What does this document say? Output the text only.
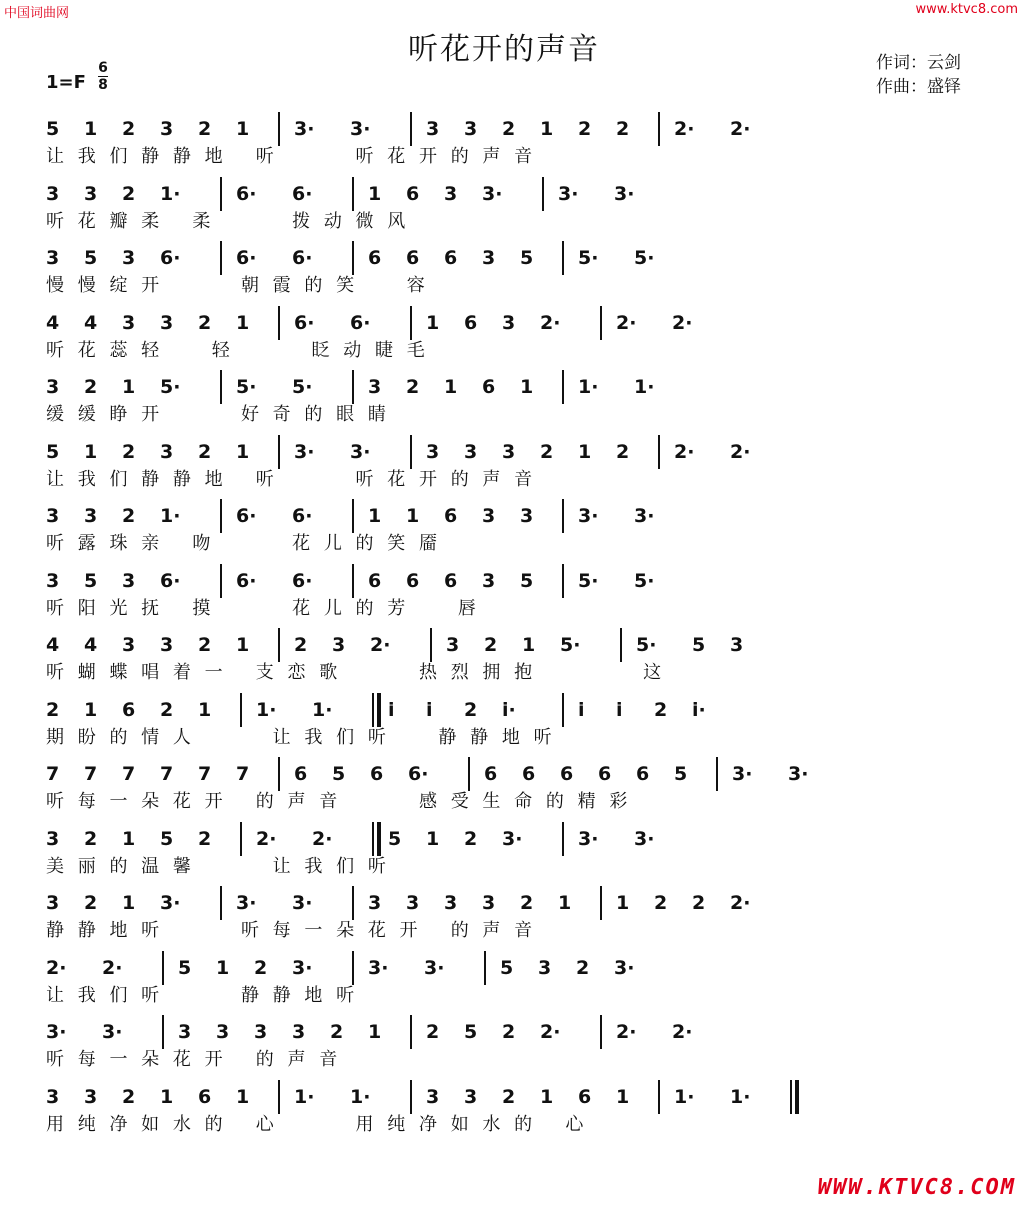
中国词曲网	www.ktvc8.com
听花开的声音	作词：云剑
作曲：盛铎
1=F
6
8
5 1 2 3 2 1 3· 3·	3 3 2 1 2 2 2· 2·
让 我 们 静 静 地   听        听 花 开 的 声 音
3 3 2 1·	6· 6·	1 6 3 3·	3· 3·
听 花 瓣 柔   柔        拨 动 微 风
3 5 3 6·	6· 6·	6 6 6 3 5 5· 5·
慢 慢 绽 开        朝 霞 的 笑     容
4 4 3 3 2 1 6· 6·	1 6 3 2·	2· 2·
听 花 蕊 轻     轻        眨 动 睫 毛
3 2 1 5·	5· 5·	3 2 1 6 1 1· 1·
缓 缓 睁 开        好 奇 的 眼 睛
5 1 2 3 2 1 3· 3·	3 3 3 2 1 2 2· 2·
让 我 们 静 静 地   听        听 花 开 的 声 音
3 3 2 1·	6· 6·	1 1 6 3 3 3· 3·
听 露 珠 亲   吻        花 儿 的 笑 靥
3 5 3 6·	6· 6·	6 6 6 3 5 5· 5·
听 阳 光 抚   摸        花 儿 的 芳     唇
4 4 3 3 2 1 2 3 2·	3 2 1 5·	5· 5 3
听 蝴 蝶 唱 着 一   支 恋 歌        热 烈 拥 抱           这
2 1 6 2 1 1· 1·	i i 2 i·	i i 2 i·
期 盼 的 情 人        让 我 们 听     静 静 地 听
7 7 7 7 7 7 6 5 6 6·	6 6 6 6 6 5 3· 3·
听 每 一 朵 花 开   的 声 音        感 受 生 命 的 精 彩
3 2 1 5 2 2· 2·	5 1 2 3·	3· 3·
美 丽 的 温 馨        让 我 们 听
3 2 1 3·	3· 3·	3 3 3 3 2 1 1 2 2 2·
静 静 地 听        听 每 一 朵 花 开   的 声 音
2· 2·	5 1 2 3·	3· 3·	5 3 2 3·
让 我 们 听        静 静 地 听
3· 3·	3 3 3 3 2 1 2 5 2 2·	2· 2·
听 每 一 朵 花 开   的 声 音
3 3 2 1 6 1 1· 1·	3 3 2 1 6 1 1· 1·
用 纯 净 如 水 的   心        用 纯 净 如 水 的   心
WWW.KTVC8.COM
